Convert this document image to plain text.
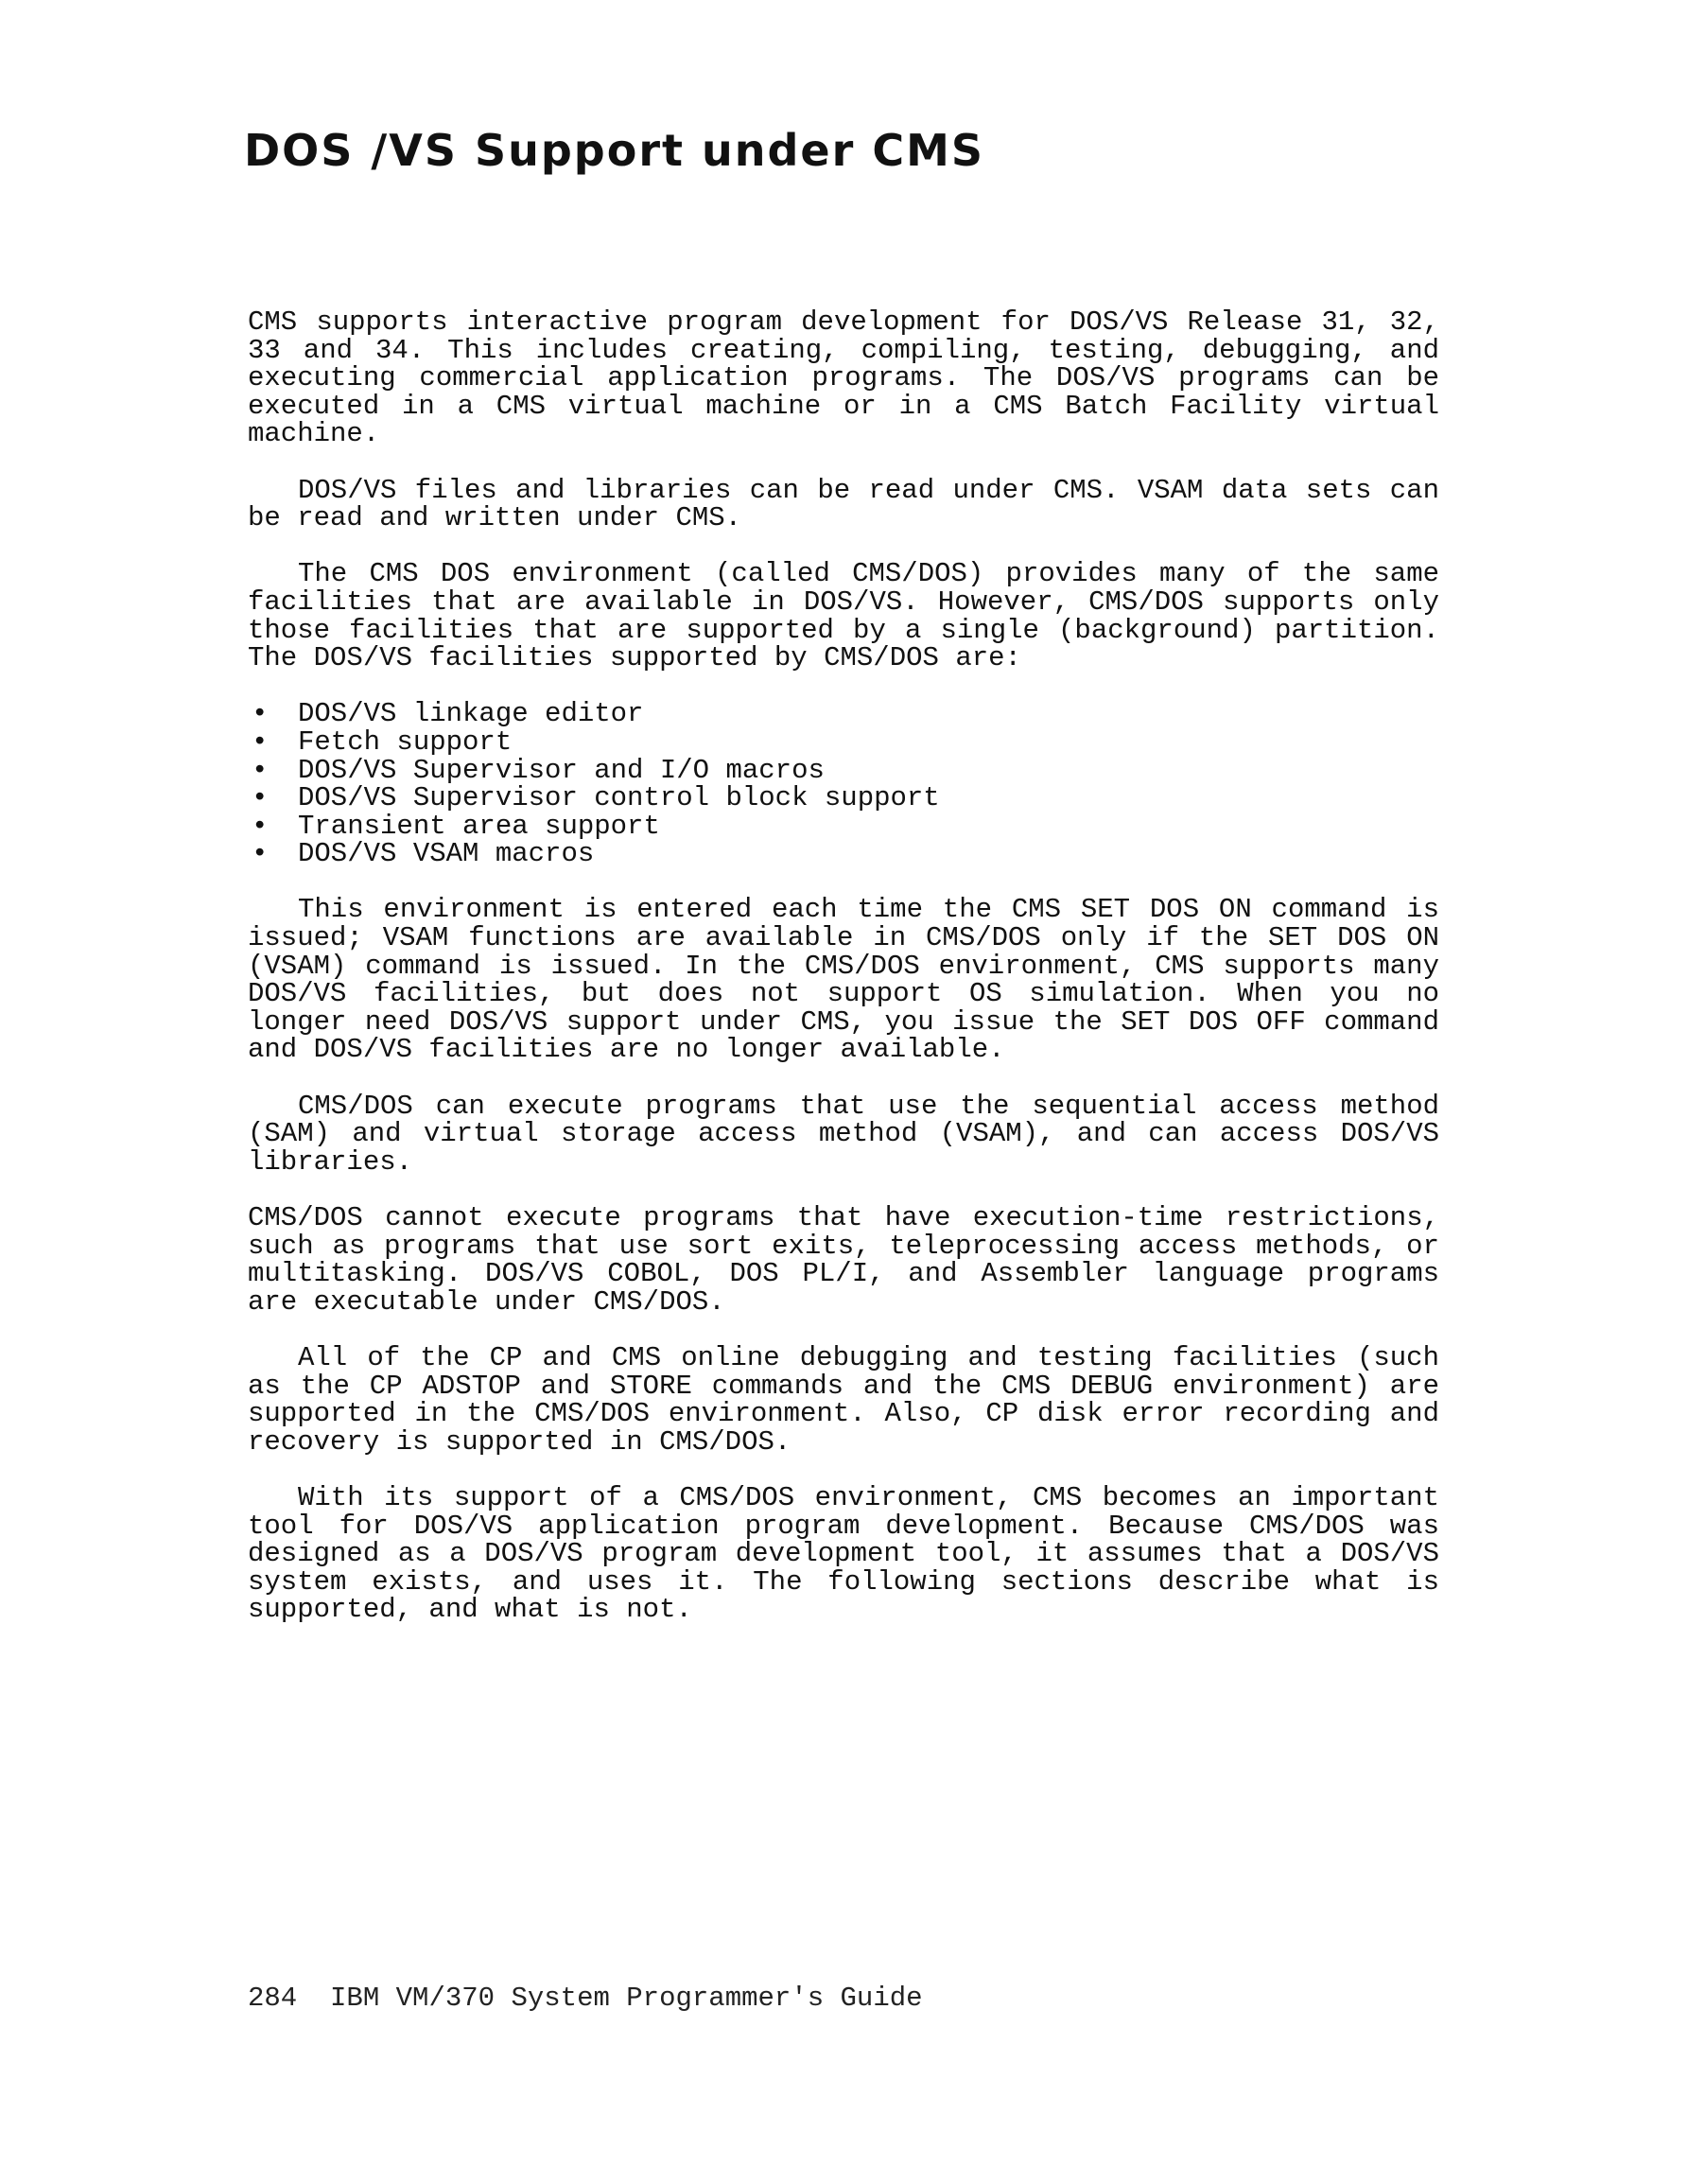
DOS /VS Support under CMS

CMS supports interactive program development for DOS/VS Release 31, 32, 33 and 34. This includes creating, compiling, testing, debugging, and executing commercial application programs. The DOS/VS programs can be executed in a CMS virtual machine or in a CMS Batch Facility virtual machine.

DOS/VS files and libraries can be read under CMS. VSAM data sets can be read and written under CMS.

The CMS DOS environment (called CMS/DOS) provides many of the same facilities that are available in DOS/VS. However, CMS/DOS supports only those facilities that are supported by a single (background) partition. The DOS/VS facilities supported by CMS/DOS are:

• DOS/VS linkage editor
• Fetch support
• DOS/VS Supervisor and I/O macros
• DOS/VS Supervisor control block support
• Transient area support
• DOS/VS VSAM macros

This environment is entered each time the CMS SET DOS ON command is issued; VSAM functions are available in CMS/DOS only if the SET DOS ON (VSAM) command is issued. In the CMS/DOS environment, CMS supports many DOS/VS facilities, but does not support OS simulation. When you no longer need DOS/VS support under CMS, you issue the SET DOS OFF command and DOS/VS facilities are no longer available.

CMS/DOS can execute programs that use the sequential access method (SAM) and virtual storage access method (VSAM), and can access DOS/VS libraries.

CMS/DOS cannot execute programs that have execution-time restrictions, such as programs that use sort exits, teleprocessing access methods, or multitasking. DOS/VS COBOL, DOS PL/I, and Assembler language programs are executable under CMS/DOS.

All of the CP and CMS online debugging and testing facilities (such as the CP ADSTOP and STORE commands and the CMS DEBUG environment) are supported in the CMS/DOS environment. Also, CP disk error recording and recovery is supported in CMS/DOS.

With its support of a CMS/DOS environment, CMS becomes an important tool for DOS/VS application program development. Because CMS/DOS was designed as a DOS/VS program development tool, it assumes that a DOS/VS system exists, and uses it. The following sections describe what is supported, and what is not.

284 IBM VM/370 System Programmer's Guide
